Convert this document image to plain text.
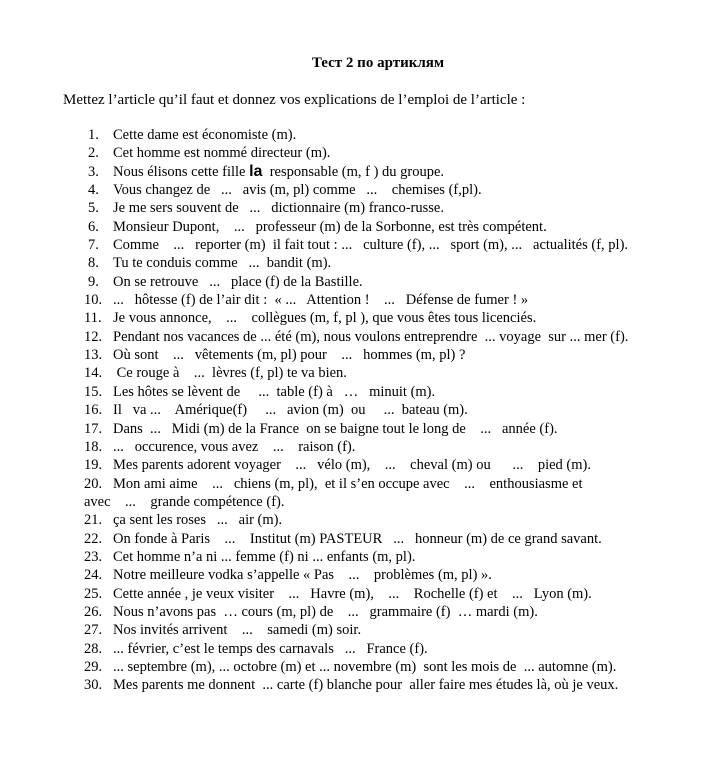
Тест 2 по артиклям
Mettez l’article qu’il faut et donnez vos explications de l’emploi de l’article :

1.

Cette dame est économiste (m).

2.

Cet homme est nommé directeur (m).

3.

Nous élisons cette fille la  responsable (m, f ) du groupe.

4.

Vous changez de   ...   avis (m, pl) comme   ...    chemises (f,pl).

5.

Je me sers souvent de   ...   dictionnaire (m) franco-russe.

6.

Monsieur Dupont,    ...   professeur (m) de la Sorbonne, est très compétent.

7.

Comme    ...   reporter (m)  il fait tout : ...   culture (f), ...   sport (m), ...   actualités (f, pl).

8.

Tu te conduis comme   ...  bandit (m).

9.

On se retrouve   ...   place (f) de la Bastille.

10.

...   hôtesse (f) de l’air dit :  « ...   Attention !    ...   Défense de fumer ! »

11.

Je vous annonce,    ...    collègues (m, f, pl ), que vous êtes tous licenciés.

12.

Pendant nos vacances de ... été (m), nous voulons entreprendre  ... voyage  sur ... mer (f).

13.

Où sont    ...   vêtements (m, pl) pour    ...   hommes (m, pl) ?

14.

Ce rouge à    ...  lèvres (f, pl) te va bien.

15.

Les hôtes se lèvent de     ...  table (f) à   …   minuit (m).

16.

Il   va ...    Amérique(f)     ...   avion (m)  ou     ...  bateau (m).

17.

Dans  ...   Midi (m) de la France  on se baigne tout le long de    ...   année (f).

18.

...   occurence, vous avez    ...    raison (f).

19.

Mes parents adorent voyager    ...   vélo (m),    ...    cheval (m) ou      ...    pied (m).

20.

Mon ami aime    ...   chiens (m, pl),  et il s’en occupe avec    ...    enthousiasme et

avec    ...    grande compétence (f).

21.

ça sent les roses   ...   air (m).

22.

On fonde à Paris    ...    Institut (m) PASTEUR   ...   honneur (m) de ce grand savant.

23.

Cet homme n’a ni ... femme (f) ni ... enfants (m, pl).

24.

Notre meilleure vodka s’appelle « Pas    ...    problèmes (m, pl) ».

25.

Cette année , je veux visiter    ...   Havre (m),    ...    Rochelle (f) et    ...   Lyon (m).

26.

Nous n’avons pas  … cours (m, pl) de    ...   grammaire (f)  … mardi (m).

27.

Nos invités arrivent    ...    samedi (m) soir.

28.

... février, c’est le temps des carnavals   ...   France (f).

29.

... septembre (m), ... octobre (m) et ... novembre (m)  sont les mois de  ... automne (m).

30.

Mes parents me donnent  ... carte (f) blanche pour  aller faire mes études là, où je veux.
